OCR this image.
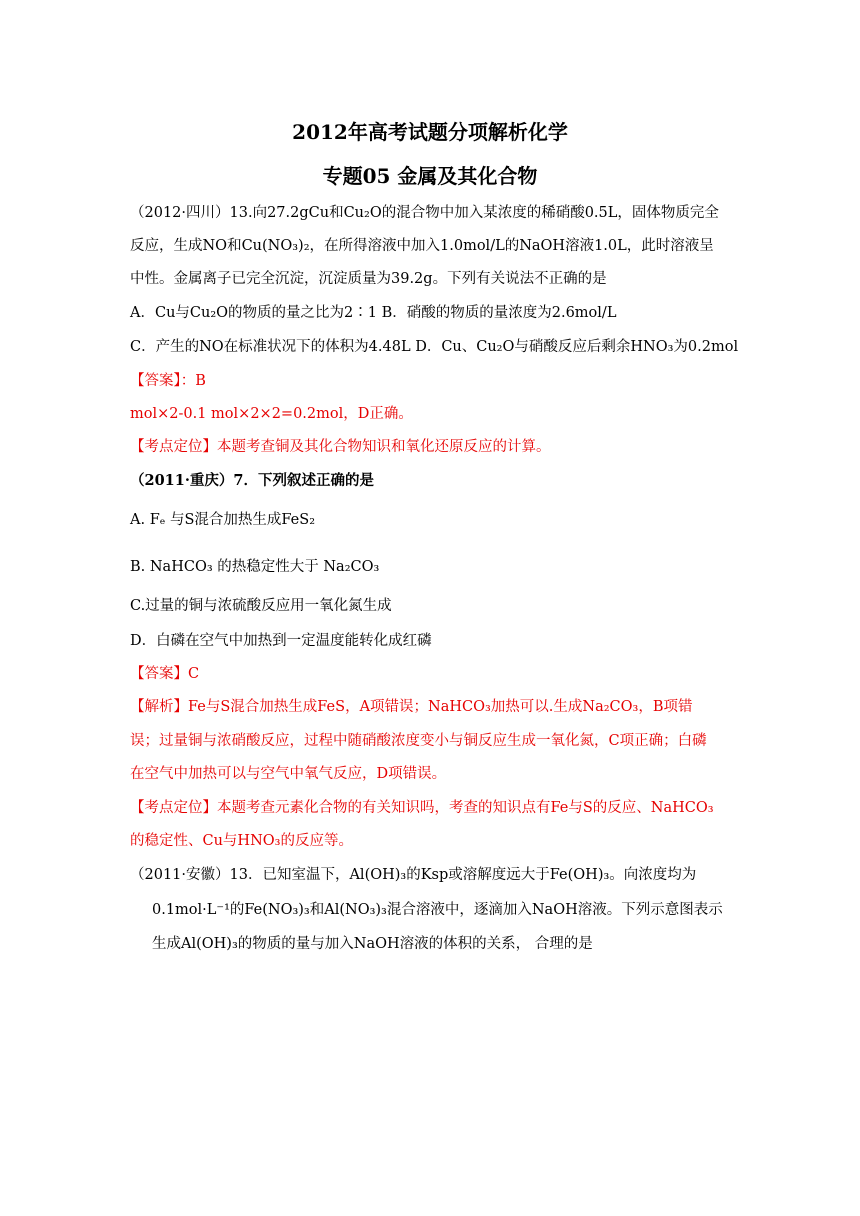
2012年高考试题分项解析化学
专题05 金属及其化合物
（2012·四川）13.向27.2gCu和Cu₂O的混合物中加入某浓度的稀硝酸0.5L，固体物质完全
反应，生成NO和Cu(NO₃)₂，在所得溶液中加入1.0mol/L的NaOH溶液1.0L，此时溶液呈
中性。金属离子已完全沉淀，沉淀质量为39.2g。下列有关说法不正确的是
A．Cu与Cu₂O的物质的量之比为2∶1 B．硝酸的物质的量浓度为2.6mol/L
C．产生的NO在标准状况下的体积为4.48L D．Cu、Cu₂O与硝酸反应后剩余HNO₃为0.2mol
【答案】：B
mol×2-0.1 mol×2×2=0.2mol，D正确。
【考点定位】本题考查铜及其化合物知识和氧化还原反应的计算。
（2011·重庆）7．下列叙述正确的是
A. Fₑ 与S混合加热生成FeS₂
B. NaHCO₃ 的热稳定性大于 Na₂CO₃
C.过量的铜与浓硫酸反应用一氧化氮生成
D．白磷在空气中加热到一定温度能转化成红磷
【答案】C
【解析】Fe与S混合加热生成FeS，A项错误；NaHCO₃加热可以.生成Na₂CO₃，B项错
误；过量铜与浓硝酸反应，过程中随硝酸浓度变小与铜反应生成一氧化氮，C项正确；白磷
在空气中加热可以与空气中氧气反应，D项错误。
【考点定位】本题考查元素化合物的有关知识吗，考查的知识点有Fe与S的反应、NaHCO₃
的稳定性、Cu与HNO₃的反应等。
（2011·安徽）13．已知室温下，Al(OH)₃的Ksp或溶解度远大于Fe(OH)₃。向浓度均为
0.1mol·L⁻¹的Fe(NO₃)₃和Al(NO₃)₃混合溶液中，逐滴加入NaOH溶液。下列示意图表示
生成Al(OH)₃的物质的量与加入NaOH溶液的体积的关系， 合理的是
